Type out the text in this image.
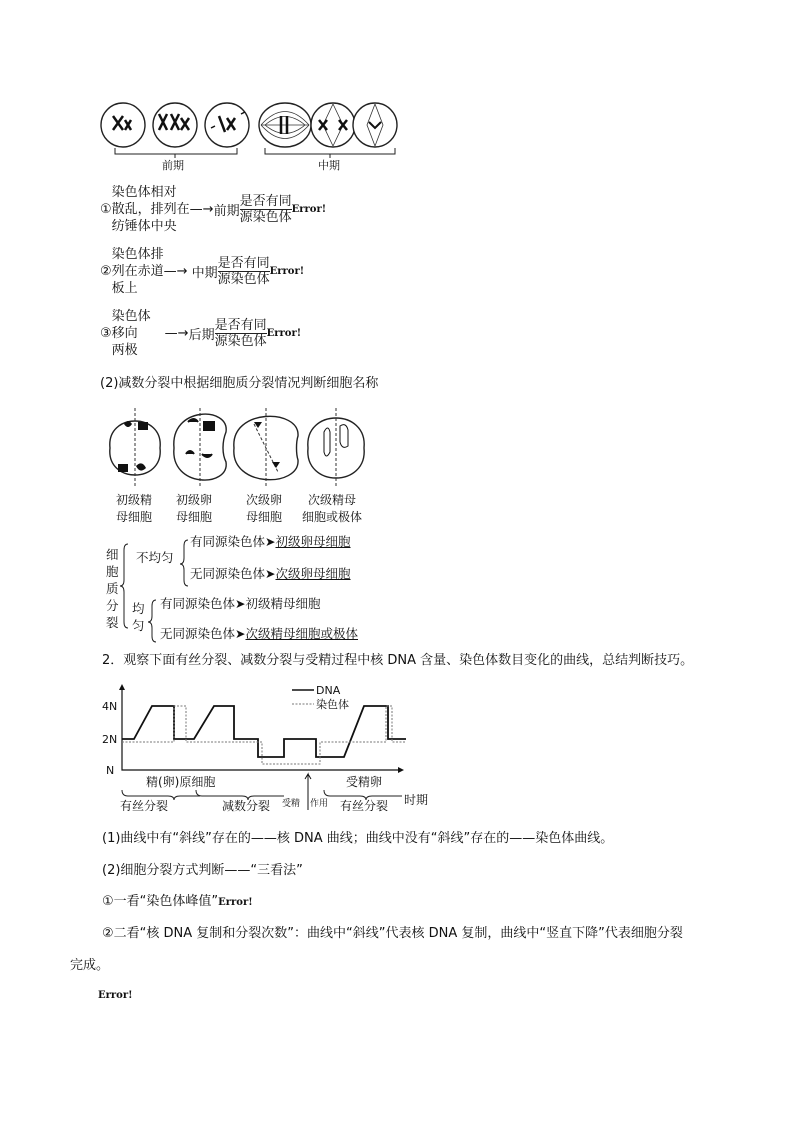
前期	中期
①
染色体相对
散乱，排列在
纺锤体中央
—→ 前期 $\frac{\text{是否有同}}{\text{源染色体}}$ Error!
②
染色体排
列在赤道
板上
—→ 中期 $\frac{\text{是否有同}}{\text{源染色体}}$ Error!
③
染色体
移向
两极
—→ 后期 $\frac{\text{是否有同}}{\text{源染色体}}$ Error!
(2)减数分裂中根据细胞质分裂情况判断细胞名称
初级精
母细胞
初级卵
母细胞
次级卵
母细胞
次级精母
细胞或极体
细
胞
质
分
裂
不均匀
均
匀
有同源染色体➤初级卵母细胞
无同源染色体➤次级卵母细胞
有同源染色体➤初级精母细胞
无同源染色体➤次级精母细胞或极体
2．观察下面有丝分裂、减数分裂与受精过程中核 DNA 含量、染色体数目变化的曲线，总结判断技巧。
4N
2N
N
DNA
染色体
精(卵)原细胞	受精卵
有丝分裂	减数分裂 受精 作用 有丝分裂 时期
(1)曲线中有“斜线”存在的——核 DNA 曲线；曲线中没有“斜线”存在的——染色体曲线。
(2)细胞分裂方式判断——“三看法”
①一看“染色体峰值”Error!
②二看“核 DNA 复制和分裂次数”：曲线中“斜线”代表核 DNA 复制，曲线中“竖直下降”代表细胞分裂
完成。
Error!
